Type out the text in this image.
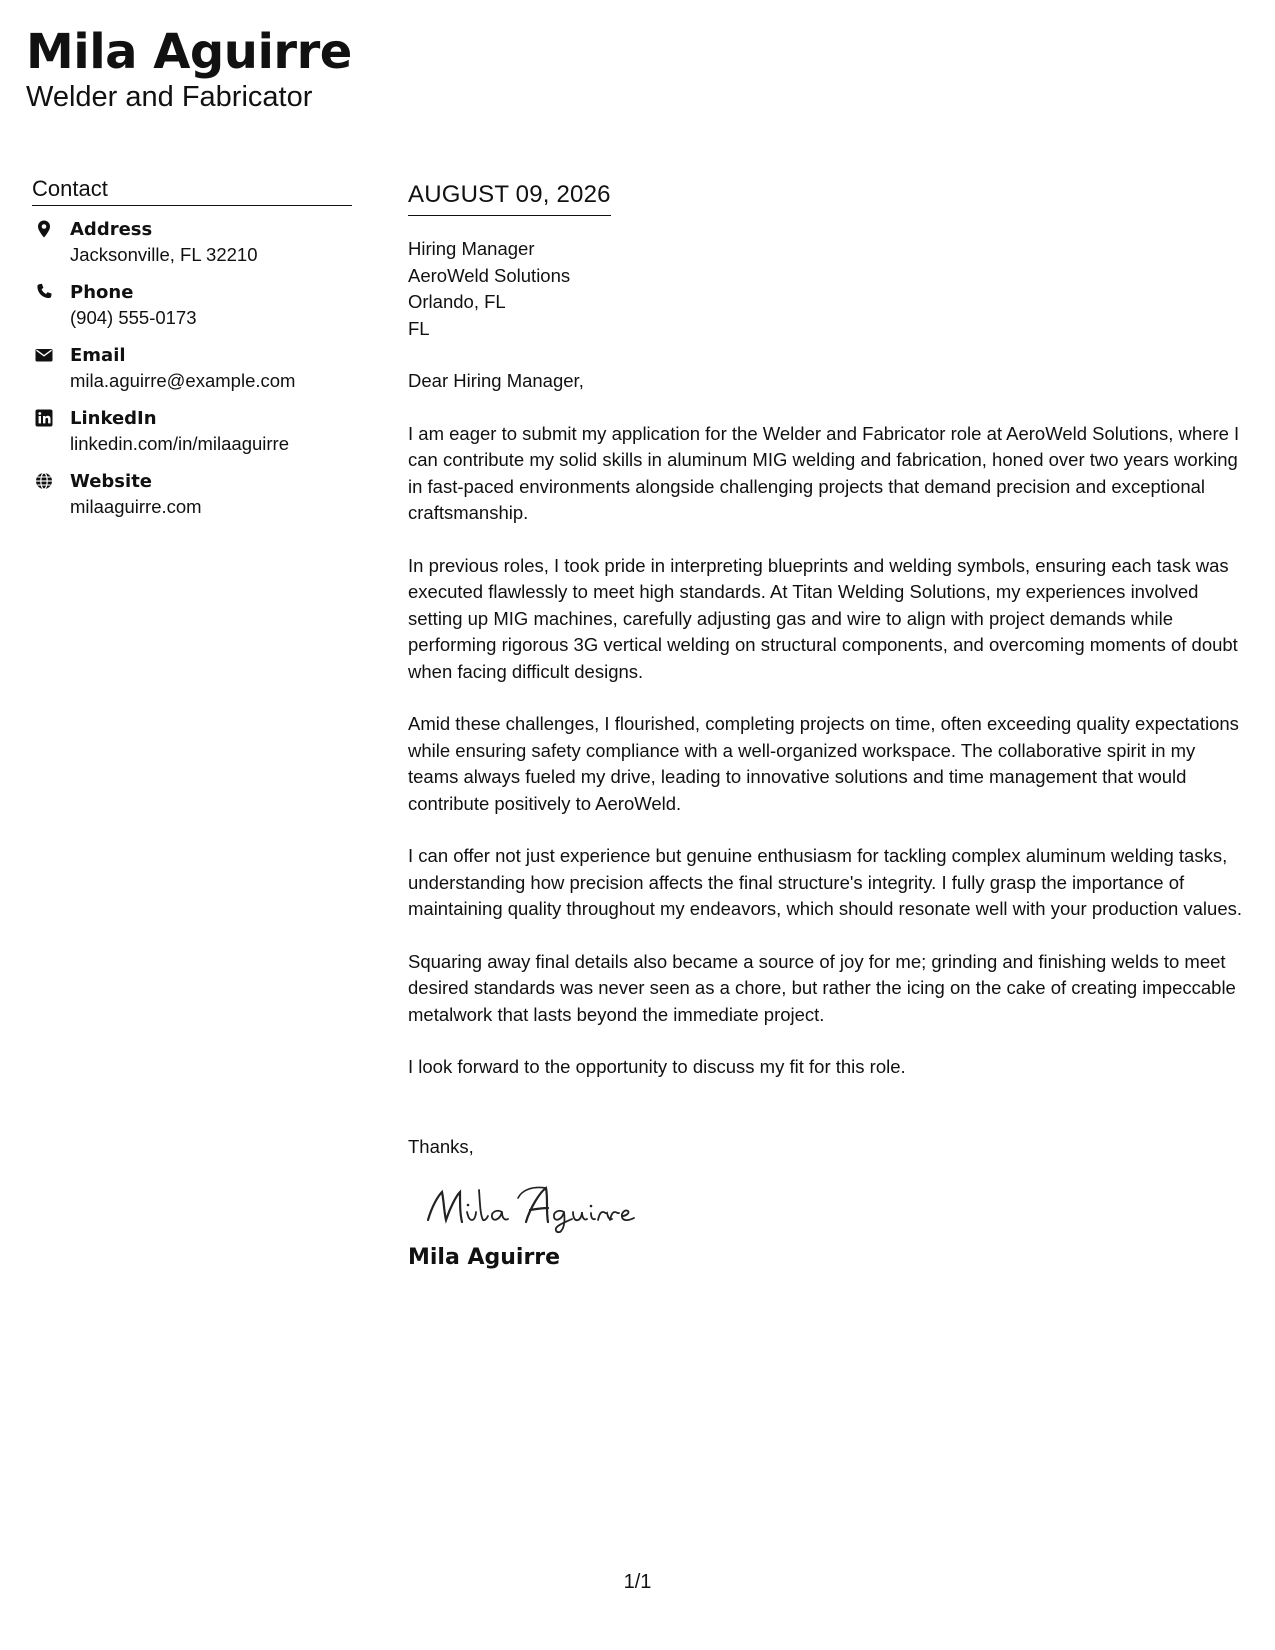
Mila Aguirre
Welder and Fabricator
Contact
Address
Jacksonville, FL 32210
Phone
(904) 555-0173
Email
mila.aguirre@example.com
LinkedIn
linkedin.com/in/milaaguirre
Website
milaaguirre.com
AUGUST 09, 2026
Hiring Manager
AeroWeld Solutions
Orlando, FL
FL
Dear Hiring Manager,

I am eager to submit my application for the Welder and Fabricator role at AeroWeld Solutions, where I can contribute my solid skills in aluminum MIG welding and fabrication, honed over two years working in fast-paced environments alongside challenging projects that demand precision and exceptional craftsmanship.

In previous roles, I took pride in interpreting blueprints and welding symbols, ensuring each task was executed flawlessly to meet high standards. At Titan Welding Solutions, my experiences involved setting up MIG machines, carefully adjusting gas and wire to align with project demands while performing rigorous 3G vertical welding on structural components, and overcoming moments of doubt when facing difficult designs.

Amid these challenges, I flourished, completing projects on time, often exceeding quality expectations while ensuring safety compliance with a well-organized workspace. The collaborative spirit in my teams always fueled my drive, leading to innovative solutions and time management that would contribute positively to AeroWeld.

I can offer not just experience but genuine enthusiasm for tackling complex aluminum welding tasks, understanding how precision affects the final structure's integrity. I fully grasp the importance of maintaining quality throughout my endeavors, which should resonate well with your production values.

Squaring away final details also became a source of joy for me; grinding and finishing welds to meet desired standards was never seen as a chore, but rather the icing on the cake of creating impeccable metalwork that lasts beyond the immediate project.

I look forward to the opportunity to discuss my fit for this role.

Thanks,
Mila Aguirre
1/1
